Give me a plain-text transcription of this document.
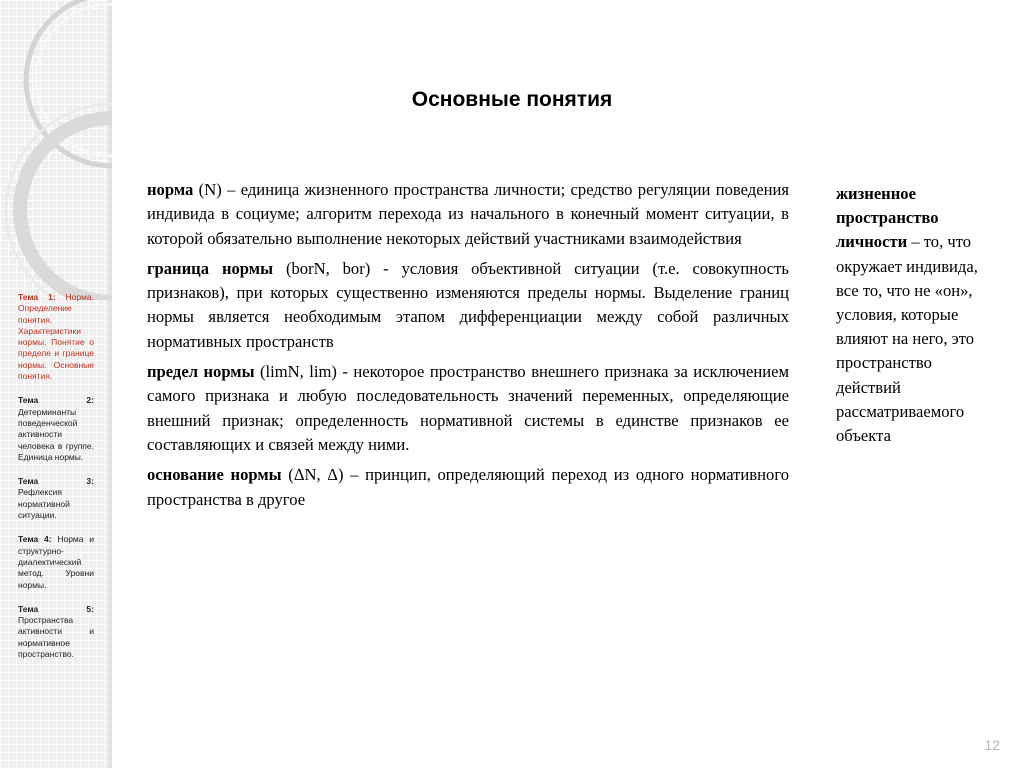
Тема 1: Норма. Определение понятия. Характеристики нормы. Понятие о пределе и границе нормы. Основные понятия.
Тема 2: Детерминанты поведенческой активности человека в группе. Единица нормы.
Тема 3: Рефлексия нормативной ситуации.
Тема 4: Норма и структурно-диалектический метод. Уровни нормы.
Тема 5: Пространства активности и нормативное пространство.
Основные понятия

норма (N) – единица жизненного пространства личности; средство регуляции поведения индивида в социуме; алгоритм перехода из начального в конечный момент ситуации, в которой обязательно выполнение некоторых действий участниками взаимодействия

граница нормы (borN, bor) - условия объективной ситуации (т.е. совокупность признаков), при которых существенно изменяются пределы нормы. Выделение границ нормы является необходимым этапом дифференциации между собой различных нормативных пространств

предел нормы (limN, lim) - некоторое пространство внешнего признака за исключением самого признака и любую последовательность значений переменных, определяющие внешний признак; определенность нормативной системы в единстве признаков ее составляющих и связей между ними.

основание нормы (ΔN, Δ) – принцип, определяющий переход из одного нормативного пространства в другое

жизненное пространство личности – то, что окружает индивида, все то, что не «он», условия, которые влияют на него, это пространство действий рассматриваемого объекта

12
